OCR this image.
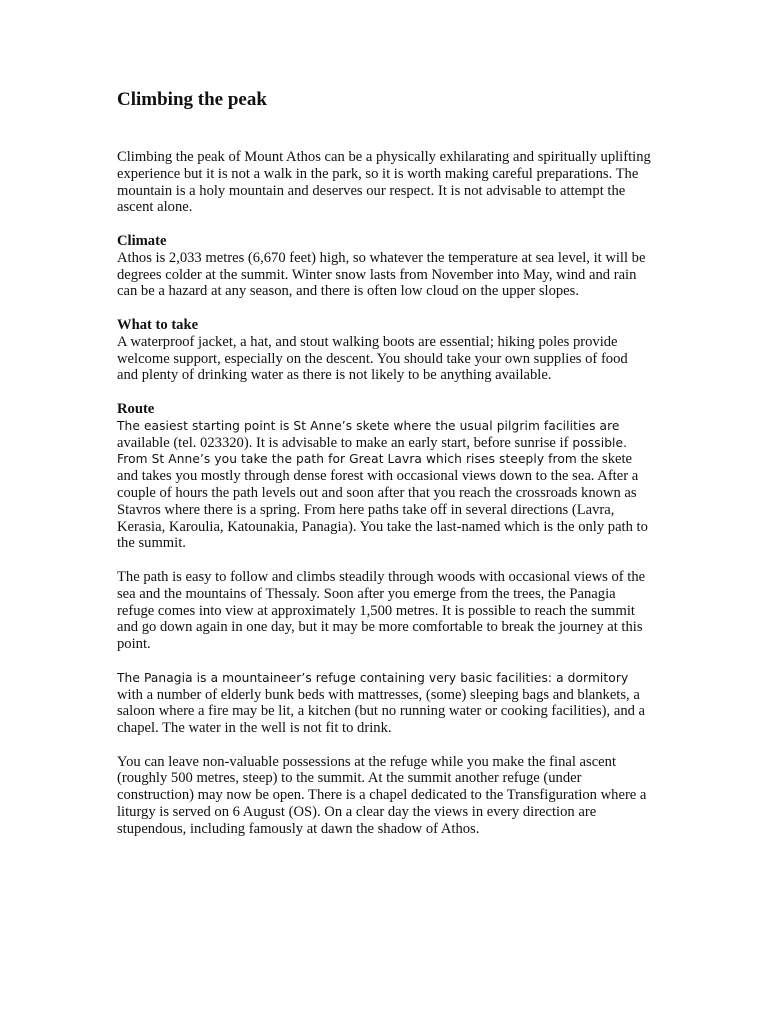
Climbing the peak

Climbing the peak of Mount Athos can be a physically exhilarating and spiritually uplifting experience but it is not a walk in the park, so it is worth making careful preparations. The mountain is a holy mountain and deserves our respect. It is not advisable to attempt the ascent alone.

Climate
Athos is 2,033 metres (6,670 feet) high, so whatever the temperature at sea level, it will be degrees colder at the summit. Winter snow lasts from November into May, wind and rain can be a hazard at any season, and there is often low cloud on the upper slopes.

What to take
A waterproof jacket, a hat, and stout walking boots are essential; hiking poles provide welcome support, especially on the descent. You should take your own supplies of food and plenty of drinking water as there is not likely to be anything available.

Route
The easiest starting point is St Anne’s skete where the usual pilgrim facilities are available (tel. 023320). It is advisable to make an early start, before sunrise if possible. From St Anne’s you take the path for Great Lavra which rises steeply from the skete and takes you mostly through dense forest with occasional views down to the sea. After a couple of hours the path levels out and soon after that you reach the crossroads known as Stavros where there is a spring. From here paths take off in several directions (Lavra, Kerasia, Karoulia, Katounakia, Panagia). You take the last-named which is the only path to the summit.

The path is easy to follow and climbs steadily through woods with occasional views of the sea and the mountains of Thessaly. Soon after you emerge from the trees, the Panagia refuge comes into view at approximately 1,500 metres. It is possible to reach the summit and go down again in one day, but it may be more comfortable to break the journey at this point.

The Panagia is a mountaineer’s refuge containing very basic facilities: a dormitory with a number of elderly bunk beds with mattresses, (some) sleeping bags and blankets, a saloon where a fire may be lit, a kitchen (but no running water or cooking facilities), and a chapel. The water in the well is not fit to drink.

You can leave non-valuable possessions at the refuge while you make the final ascent (roughly 500 metres, steep) to the summit. At the summit another refuge (under construction) may now be open. There is a chapel dedicated to the Transfiguration where a liturgy is served on 6 August (OS). On a clear day the views in every direction are stupendous, including famously at dawn the shadow of Athos.
